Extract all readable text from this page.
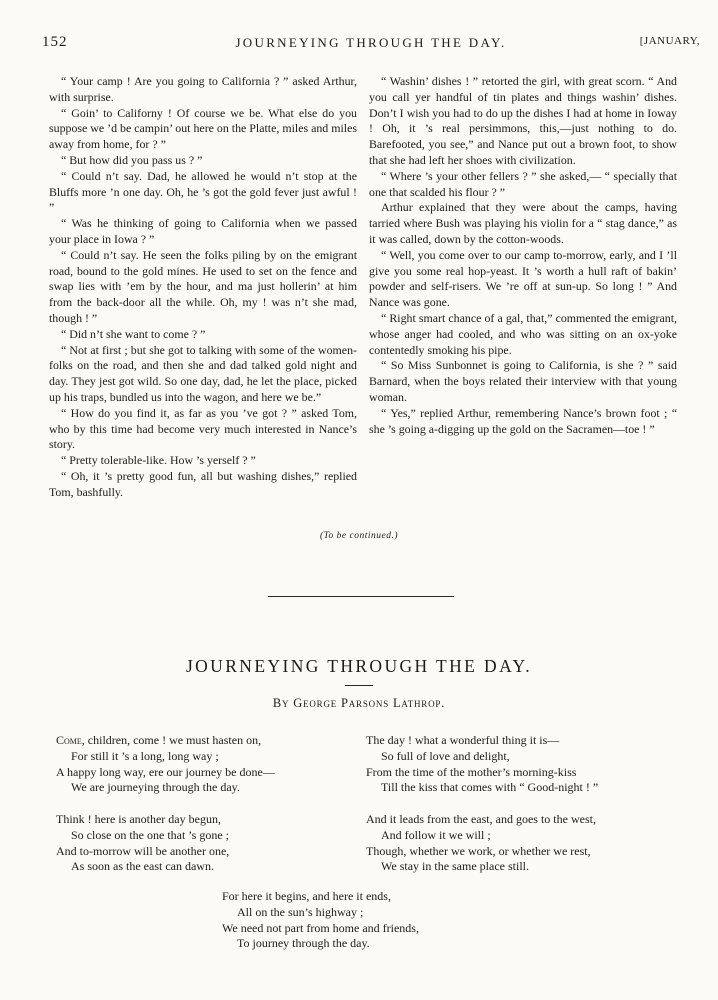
152	JOURNEYING THROUGH THE DAY.	[JANUARY,

“ Your camp ! Are you going to California ? ” asked Arthur, with surprise.

“ Goin’ to Californy ! Of course we be. What else do you suppose we ’d be campin’ out here on the Platte, miles and miles away from home, for ? ”

“ But how did you pass us ? ”

“ Could n’t say. Dad, he allowed he would n’t stop at the Bluffs more ’n one day. Oh, he ’s got the gold fever just awful ! ”

“ Was he thinking of going to California when we passed your place in Iowa ? ”

“ Could n’t say. He seen the folks piling by on the emigrant road, bound to the gold mines. He used to set on the fence and swap lies with ’em by the hour, and ma just hollerin’ at him from the back-door all the while. Oh, my ! was n’t she mad, though ! ”

“ Did n’t she want to come ? ”

“ Not at first ; but she got to talking with some of the women-folks on the road, and then she and dad talked gold night and day. They jest got wild. So one day, dad, he let the place, picked up his traps, bundled us into the wagon, and here we be.”

“ How do you find it, as far as you ’ve got ? ” asked Tom, who by this time had become very much interested in Nance’s story.

“ Pretty tolerable-like. How ’s yerself ? ”

“ Oh, it ’s pretty good fun, all but washing dishes,” replied Tom, bashfully.

“ Washin’ dishes ! ” retorted the girl, with great scorn. “ And you call yer handful of tin plates and things washin’ dishes. Don’t I wish you had to do up the dishes I had at home in Ioway ! Oh, it ’s real persimmons, this,—just nothing to do. Barefooted, you see,” and Nance put out a brown foot, to show that she had left her shoes with civilization.

“ Where ’s your other fellers ? ” she asked,— “ specially that one that scalded his flour ? ”

Arthur explained that they were about the camps, having tarried where Bush was playing his violin for a “ stag dance,” as it was called, down by the cotton-woods.

“ Well, you come over to our camp to-morrow, early, and I ’ll give you some real hop-yeast. It ’s worth a hull raft of bakin’ powder and self-risers. We ’re off at sun-up. So long ! ” And Nance was gone.

“ Right smart chance of a gal, that,” commented the emigrant, whose anger had cooled, and who was sitting on an ox-yoke contentedly smoking his pipe.

“ So Miss Sunbonnet is going to California, is she ? ” said Barnard, when the boys related their interview with that young woman.

“ Yes,” replied Arthur, remembering Nance’s brown foot ; “ she ’s going a-digging up the gold on the Sacramen—toe ! ”

(To be continued.)
JOURNEYING THROUGH THE DAY.
By George Parsons Lathrop.
Come, children, come ! we must hasten on,
For still it ’s a long, long way ;
A happy long way, ere our journey be done—
We are journeying through the day.
Think ! here is another day begun,
So close on the one that ’s gone ;
And to-morrow will be another one,
As soon as the east can dawn.
The day ! what a wonderful thing it is—
So full of love and delight,
From the time of the mother’s morning-kiss
Till the kiss that comes with “ Good-night ! ”
And it leads from the east, and goes to the west,
And follow it we will ;
Though, whether we work, or whether we rest,
We stay in the same place still.
For here it begins, and here it ends,
All on the sun’s highway ;
We need not part from home and friends,
To journey through the day.
